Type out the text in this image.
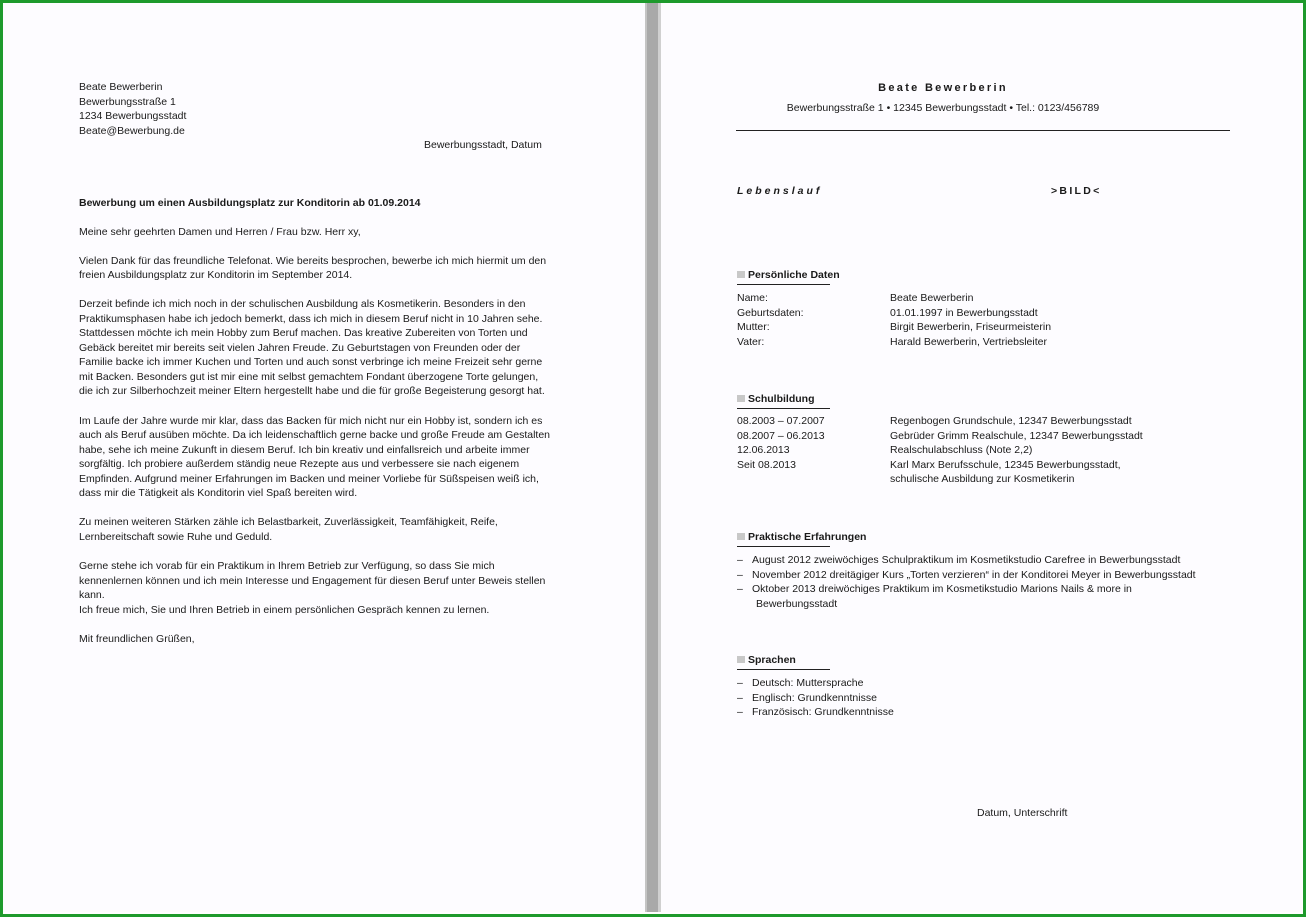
Beate Bewerberin
Bewerbungsstraße 1
1234 Bewerbungsstadt
Beate@Bewerbung.de
Bewerbungsstadt, Datum
Bewerbung um einen Ausbildungsplatz zur Konditorin ab 01.09.2014
Meine sehr geehrten Damen und Herren / Frau bzw. Herr xy,
Vielen Dank für das freundliche Telefonat. Wie bereits besprochen, bewerbe ich mich hiermit um den
freien Ausbildungsplatz zur Konditorin im September 2014.
Derzeit befinde ich mich noch in der schulischen Ausbildung als Kosmetikerin. Besonders in den
Praktikumsphasen habe ich jedoch bemerkt, dass ich mich in diesem Beruf nicht in 10 Jahren sehe.
Stattdessen möchte ich mein Hobby zum Beruf machen. Das kreative Zubereiten von Torten und
Gebäck bereitet mir bereits seit vielen Jahren Freude. Zu Geburtstagen von Freunden oder der
Familie backe ich immer Kuchen und Torten und auch sonst verbringe ich meine Freizeit sehr gerne
mit Backen. Besonders gut ist mir eine mit selbst gemachtem Fondant überzogene Torte gelungen,
die ich zur Silberhochzeit meiner Eltern hergestellt habe und die für große Begeisterung gesorgt hat.
Im Laufe der Jahre wurde mir klar, dass das Backen für mich nicht nur ein Hobby ist, sondern ich es
auch als Beruf ausüben möchte. Da ich leidenschaftlich gerne backe und große Freude am Gestalten
habe, sehe ich meine Zukunft in diesem Beruf. Ich bin kreativ und einfallsreich und arbeite immer
sorgfältig. Ich probiere außerdem ständig neue Rezepte aus und verbessere sie nach eigenem
Empfinden. Aufgrund meiner Erfahrungen im Backen und meiner Vorliebe für Süßspeisen weiß ich,
dass mir die Tätigkeit als Konditorin viel Spaß bereiten wird.
Zu meinen weiteren Stärken zähle ich Belastbarkeit, Zuverlässigkeit, Teamfähigkeit, Reife,
Lernbereitschaft sowie Ruhe und Geduld.
Gerne stehe ich vorab für ein Praktikum in Ihrem Betrieb zur Verfügung, so dass Sie mich
kennenlernen können und ich mein Interesse und Engagement für diesen Beruf unter Beweis stellen
kann.
Ich freue mich, Sie und Ihren Betrieb in einem persönlichen Gespräch kennen zu lernen.
Mit freundlichen Grüßen,
Beate Bewerberin
Bewerbungsstraße 1 • 12345 Bewerbungsstadt • Tel.: 0123/456789
Lebenslauf	>BILD<
Persönliche Daten
Name:	Beate Bewerberin
Geburtsdaten:	01.01.1997 in Bewerbungsstadt
Mutter:	Birgit Bewerberin, Friseurmeisterin
Vater:	Harald Bewerberin, Vertriebsleiter
Schulbildung
08.2003 – 07.2007	Regenbogen Grundschule, 12347 Bewerbungsstadt
08.2007 – 06.2013	Gebrüder Grimm Realschule, 12347 Bewerbungsstadt
12.06.2013	Realschulabschluss (Note 2,2)
Seit 08.2013	Karl Marx Berufsschule, 12345 Bewerbungsstadt,
schulische Ausbildung zur Kosmetikerin
Praktische Erfahrungen
– August 2012 zweiwöchiges Schulpraktikum im Kosmetikstudio Carefree in Bewerbungsstadt
– November 2012 dreitägiger Kurs „Torten verzieren“ in der Konditorei Meyer in Bewerbungsstadt
– Oktober 2013 dreiwöchiges Praktikum im Kosmetikstudio Marions Nails & more in
Bewerbungsstadt
Sprachen
– Deutsch: Muttersprache
– Englisch: Grundkenntnisse
– Französisch: Grundkenntnisse
Datum, Unterschrift
